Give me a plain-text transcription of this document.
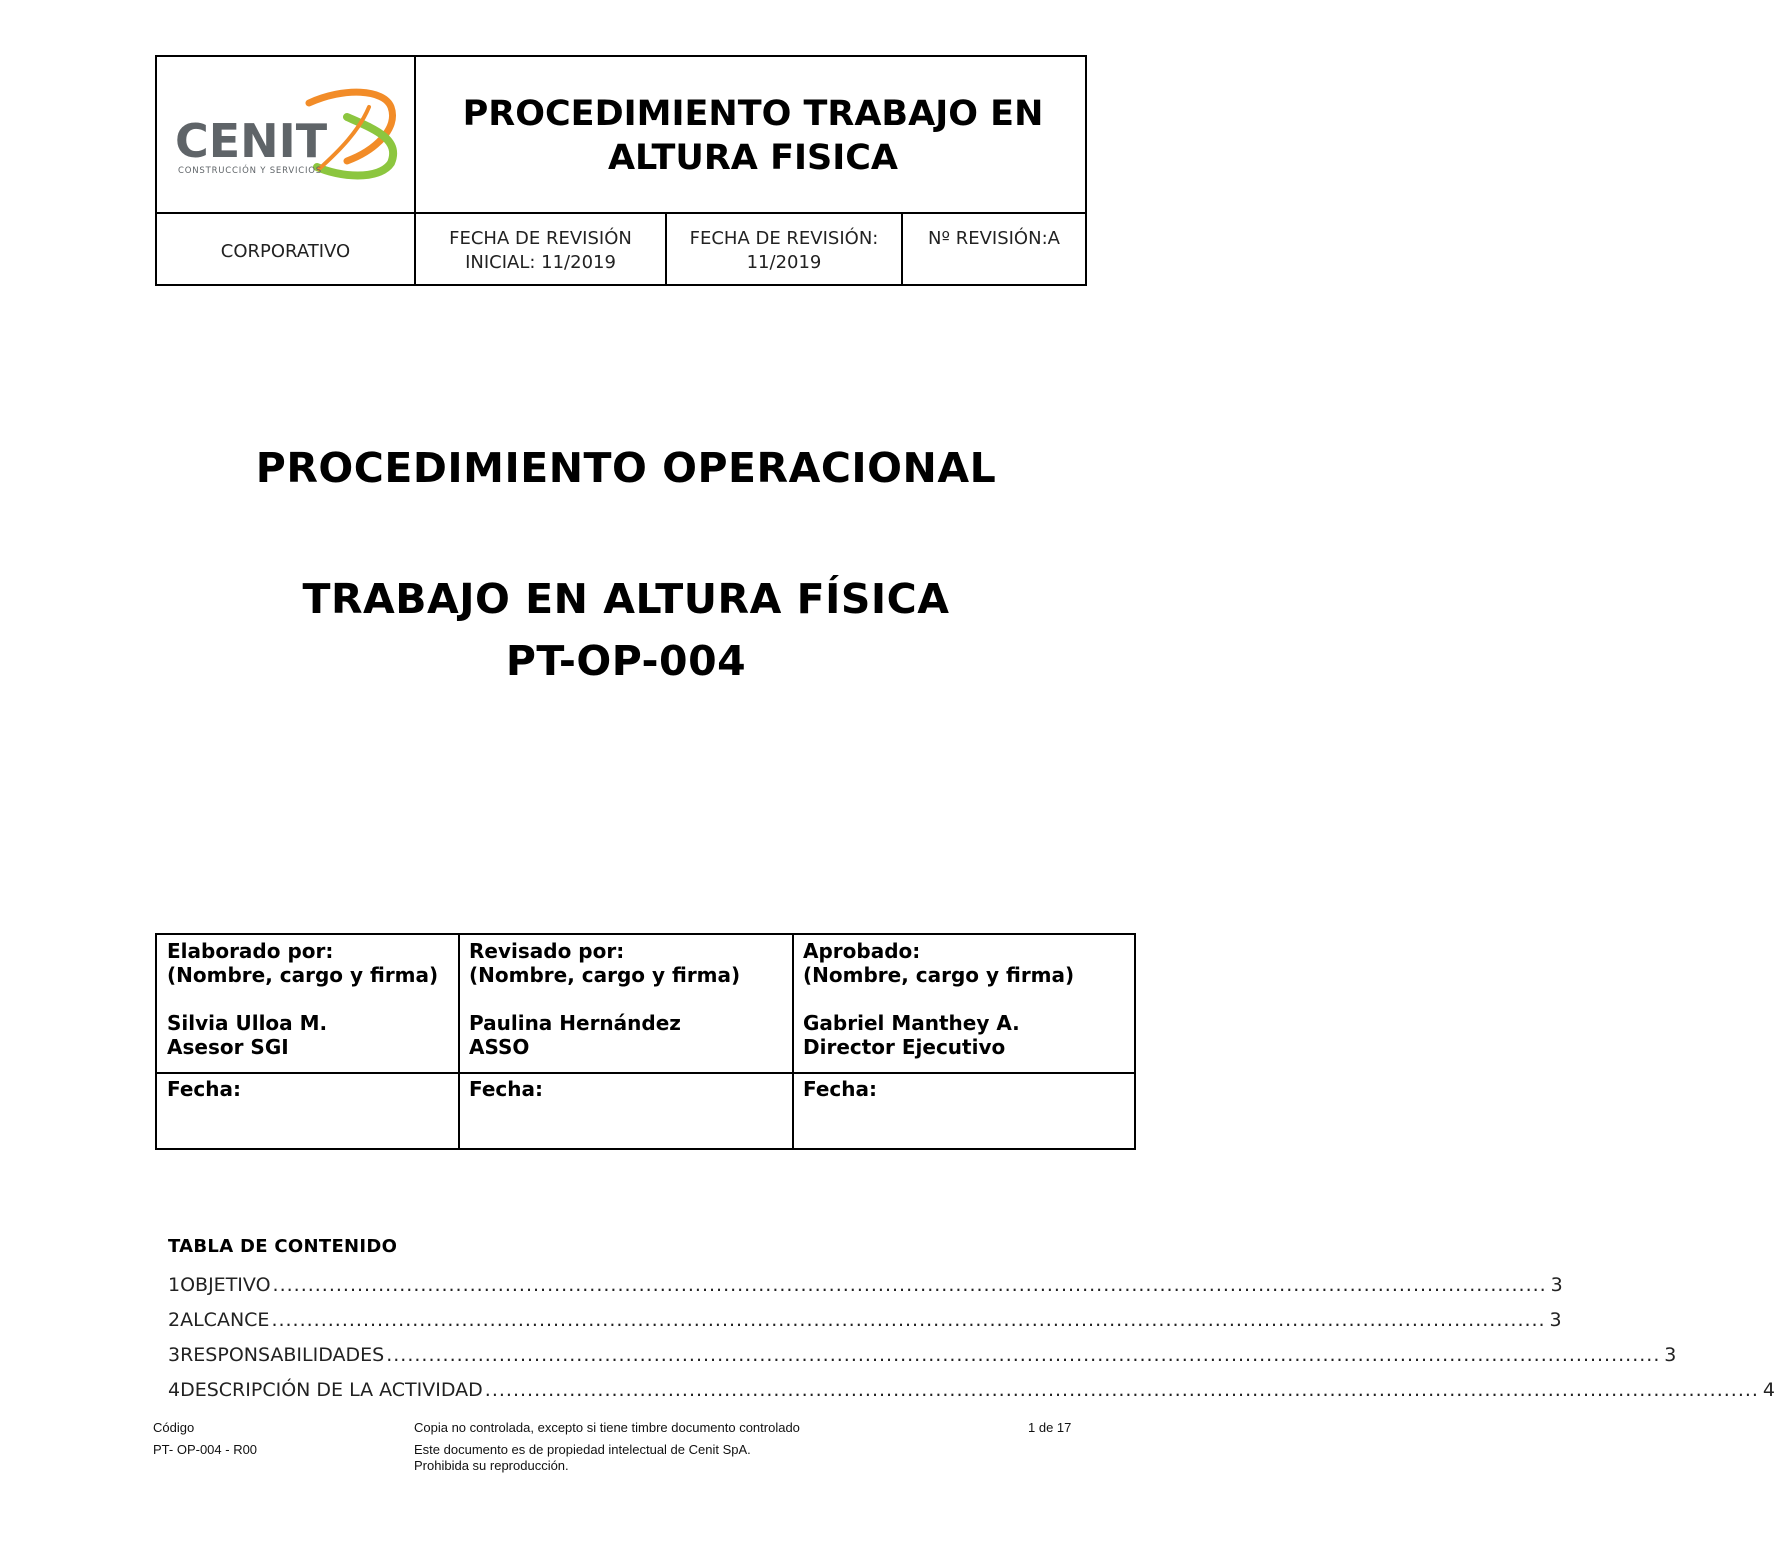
CENIT
CONSTRUCCIÓN Y SERVICIOS
PROCEDIMIENTO TRABAJO EN
ALTURA FISICA
CORPORATIVO
FECHA DE REVISIÓN
INICIAL: 11/2019
FECHA DE REVISIÓN:
11/2019
Nº REVISIÓN:A
PROCEDIMIENTO OPERACIONAL
TRABAJO EN ALTURA FÍSICA
PT-OP-004
Elaborado por:
(Nombre, cargo y firma)

Silvia Ulloa M.
Asesor SGI
Revisado por:
(Nombre, cargo y firma)

Paulina Hernández
ASSO
Aprobado:
(Nombre, cargo y firma)

Gabriel Manthey A.
Director Ejecutivo
Fecha:	Fecha:	Fecha:
TABLA DE CONTENIDO
1 OBJETIVO ..................................................................................................................................................................................... 3
2 ALCANCE ..................................................................................................................................................................................... 3
3 RESPONSABILIDADES ..................................................................................................................................................................................... 3
4 DESCRIPCIÓN DE LA ACTIVIDAD ..................................................................................................................................................................................... 4
Código
PT- OP-004 - R00
Copia no controlada, excepto si tiene timbre documento controlado
Este documento es de propiedad intelectual de Cenit SpA.
Prohibida su reproducción.
1 de 17
